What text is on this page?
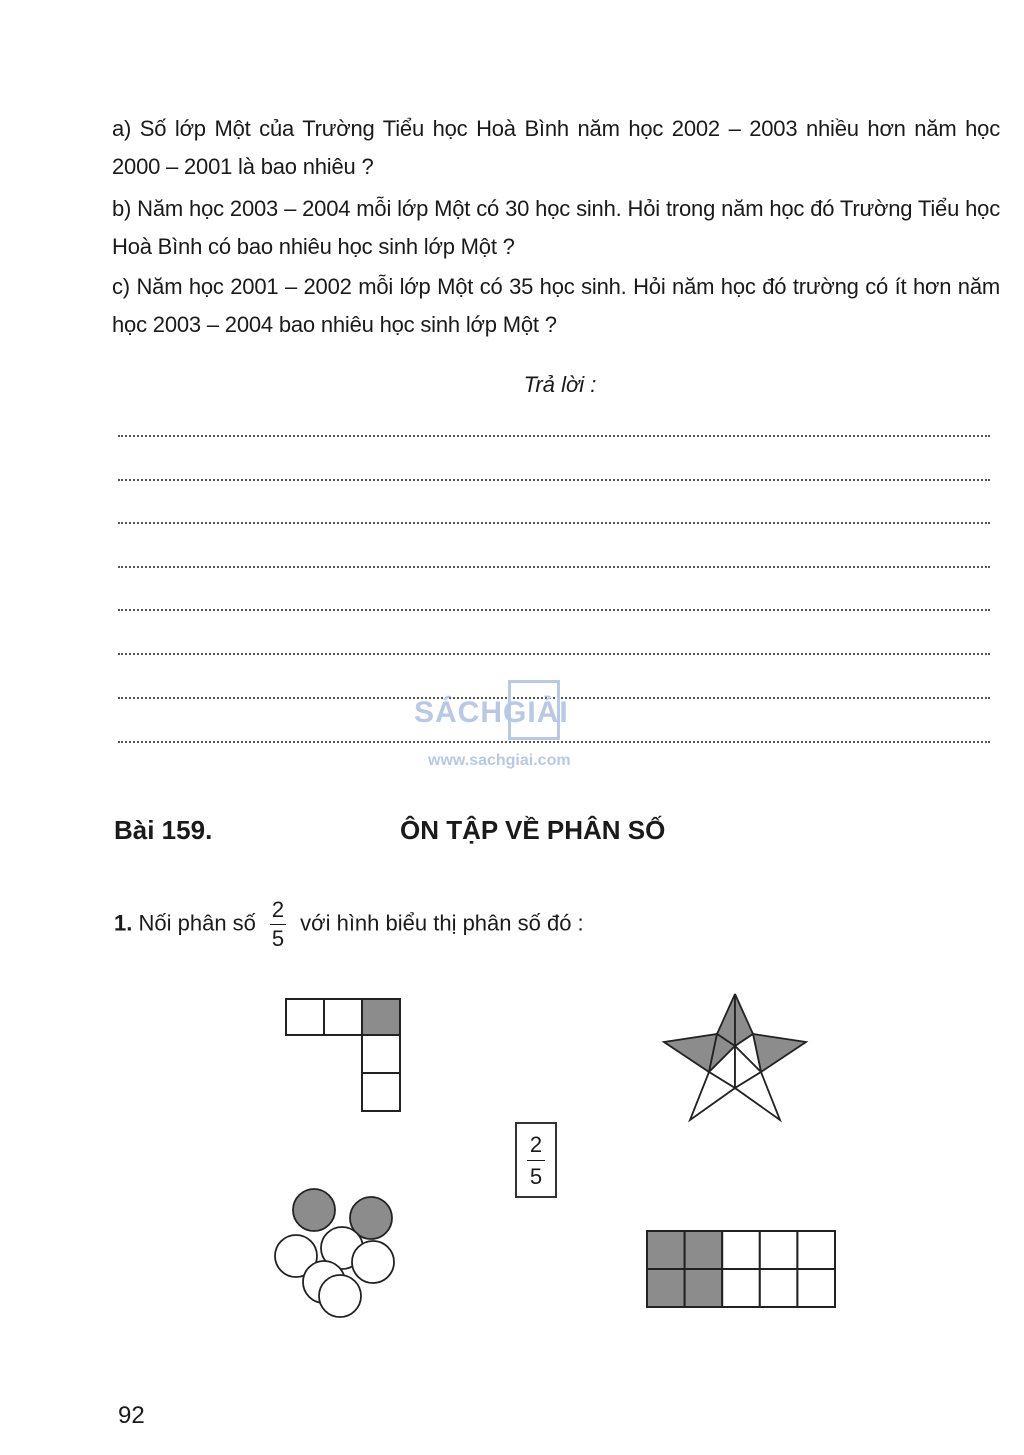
a) Số lớp Một của Trường Tiểu học Hoà Bình năm học 2002 – 2003 nhiều hơn năm học 2000 – 2001 là bao nhiêu ?
b) Năm học 2003 – 2004 mỗi lớp Một có 30 học sinh. Hỏi trong năm học đó Trường Tiểu học Hoà Bình có bao nhiêu học sinh lớp Một ?
c) Năm học 2001 – 2002 mỗi lớp Một có 35 học sinh. Hỏi năm học đó trường có ít hơn năm học 2003 – 2004 bao nhiêu học sinh lớp Một ?
Trả lời :
SÁCHGIẢI
www.sachgiai.com
Bài 159.	ÔN TẬP VỀ PHÂN SỐ
1. Nối phân số $\frac{2}{5}$ với hình biểu thị phân số đó :
2
5
92
